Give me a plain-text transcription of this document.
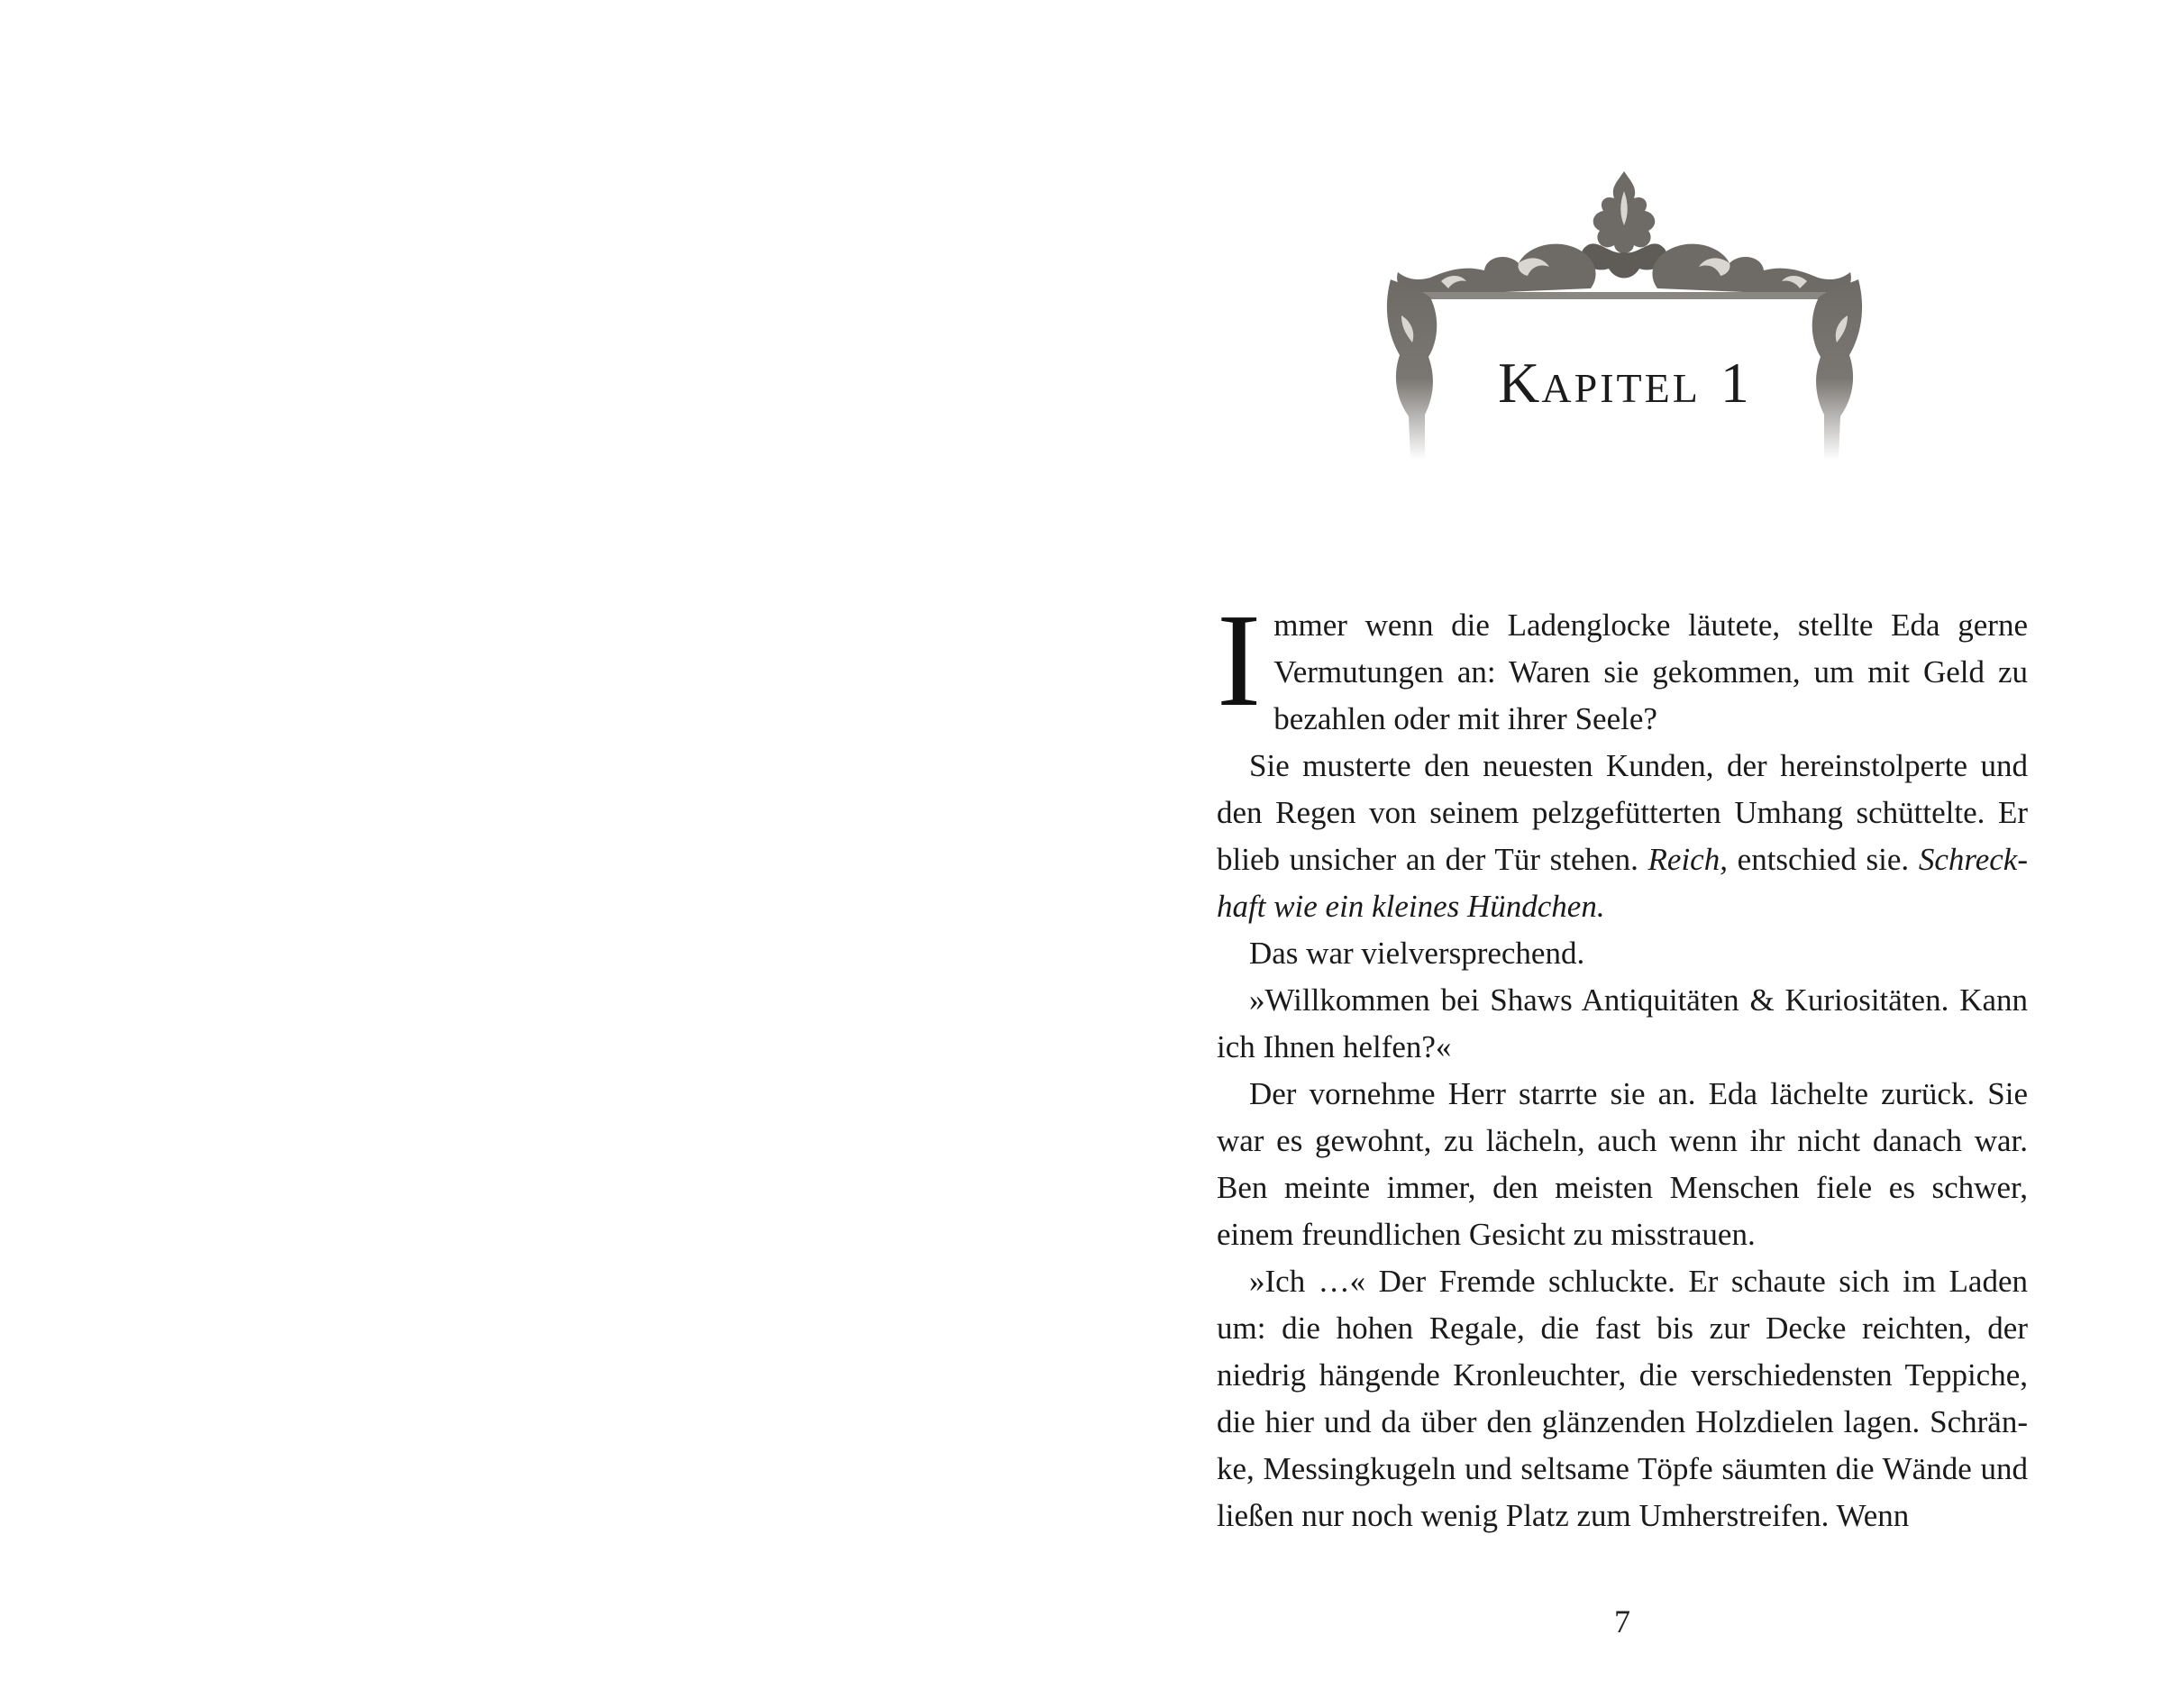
KAPITEL 1

Immer wenn die Ladenglocke läutete, stellte Eda gerne Vermutungen an: Waren sie gekommen, um mit Geld zu bezahlen oder mit ihrer Seele?

Sie musterte den neuesten Kunden, der hereinstolperte und den Regen von seinem pelzgefütterten Umhang schüttelte. Er blieb unsicher an der Tür stehen. Reich, entschied sie. Schreckhaft wie ein kleines Hündchen.

Das war vielversprechend.

»Willkommen bei Shaws Antiquitäten & Kuriositäten. Kann ich Ihnen helfen?«

Der vornehme Herr starrte sie an. Eda lächelte zurück. Sie war es gewohnt, zu lächeln, auch wenn ihr nicht danach war. Ben meinte immer, den meisten Menschen fiele es schwer, einem freundlichen Gesicht zu misstrauen.

»Ich …« Der Fremde schluckte. Er schaute sich im Laden um: die hohen Regale, die fast bis zur Decke reichten, der niedrig hängende Kronleuchter, die verschiedensten Teppiche, die hier und da über den glänzenden Holzdielen lagen. Schränke, Messingkugeln und seltsame Töpfe säumten die Wände und ließen nur noch wenig Platz zum Umherstreifen. Wenn

7
